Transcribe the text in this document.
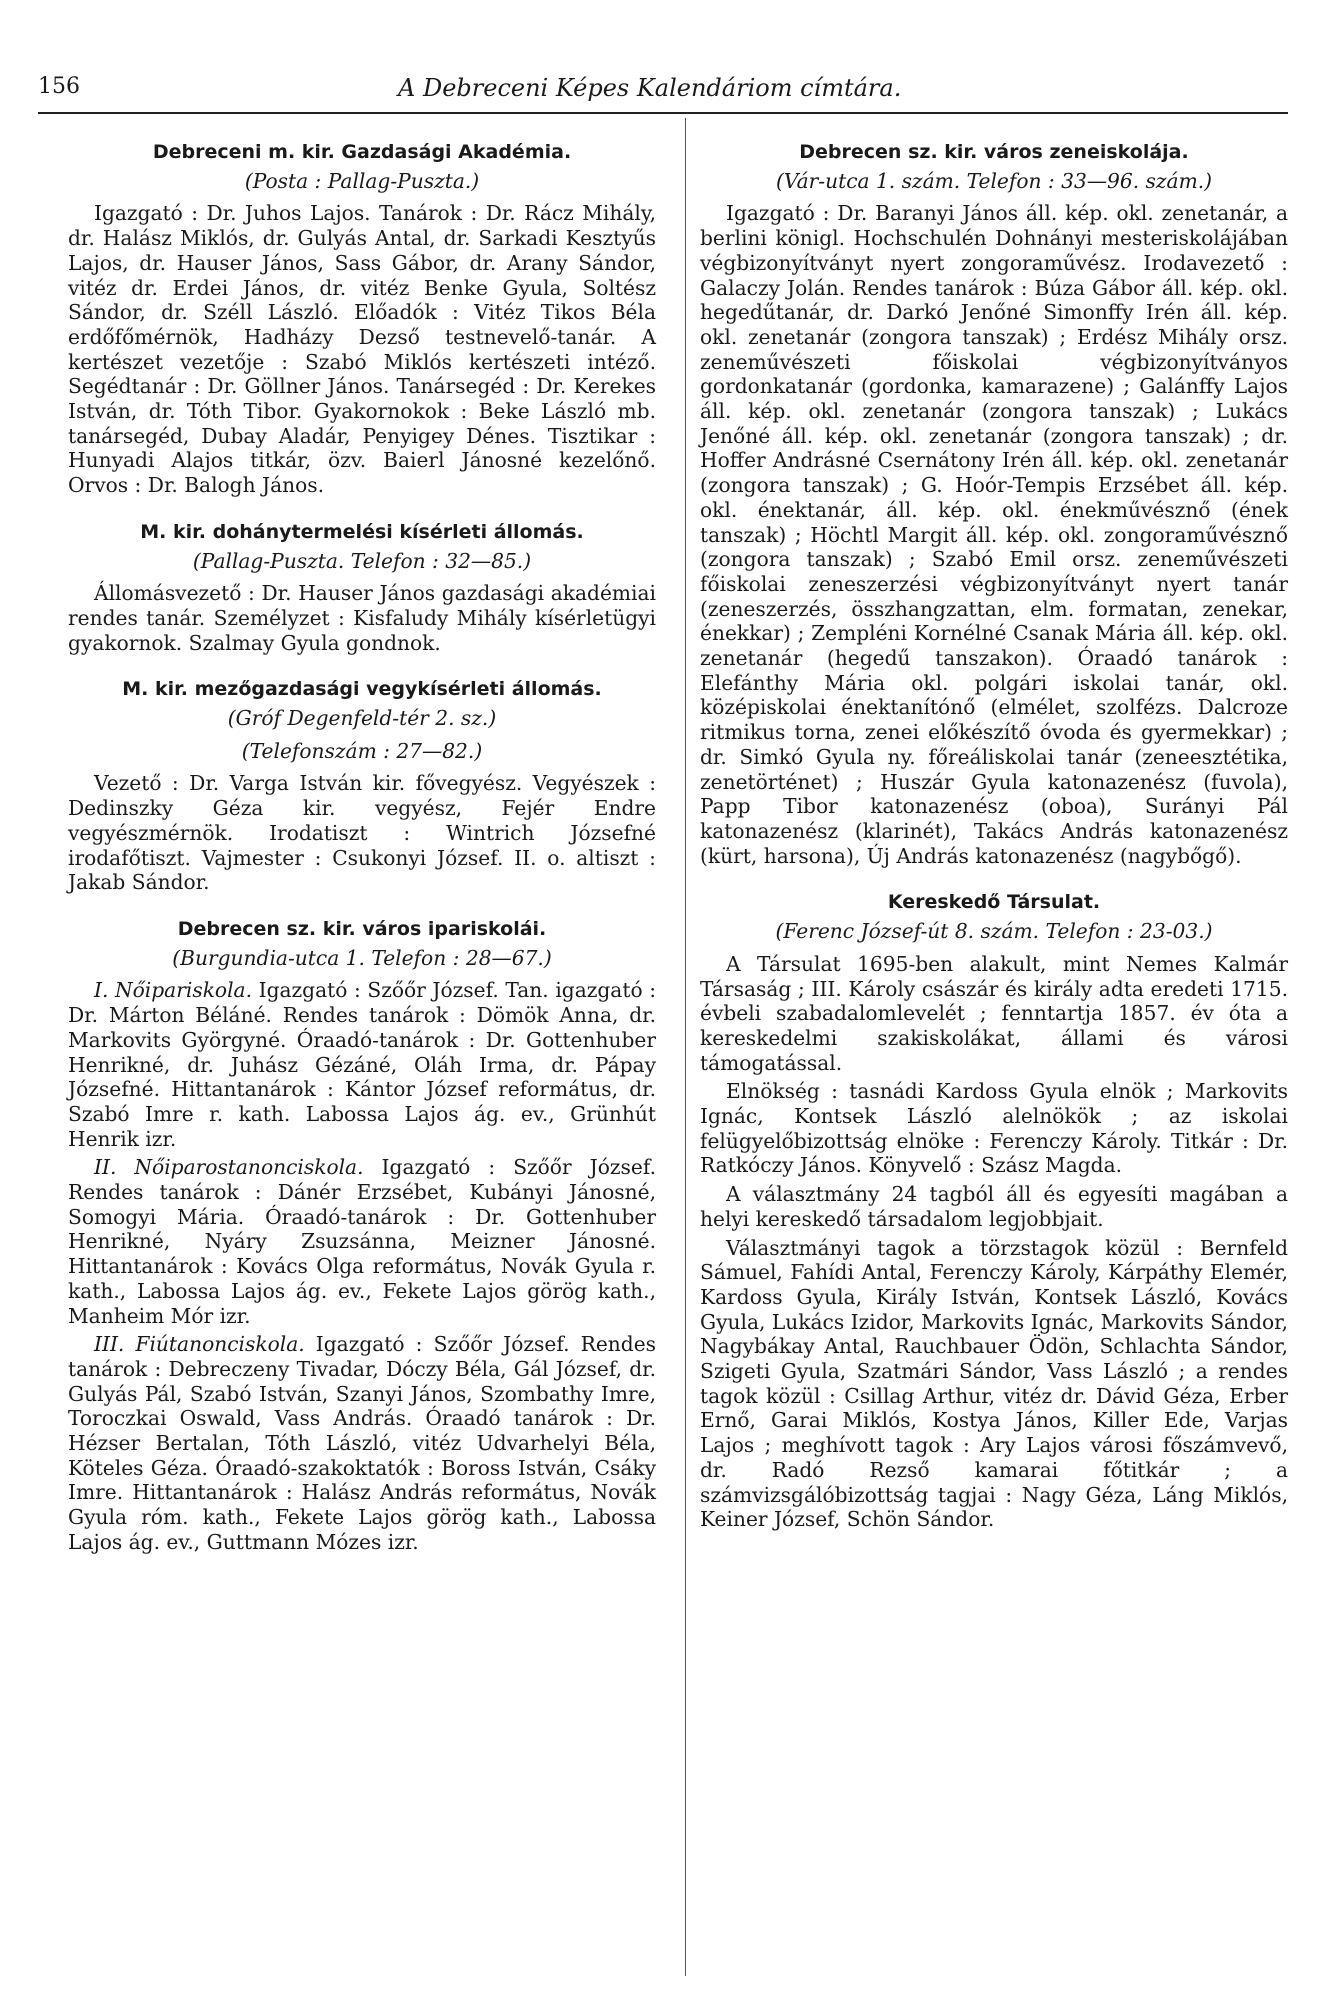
156	A Debreceni Képes Kalendáriom címtára.
Debreceni m. kir. Gazdasági Akadémia.
(Posta : Pallag-Puszta.)

Igazgató : Dr. Juhos Lajos. Tanárok : Dr. Rácz Mihály, dr. Halász Miklós, dr. Gulyás Antal, dr. Sarkadi Kesztyűs Lajos, dr. Hauser János, Sass Gábor, dr. Arany Sándor, vitéz dr. Erdei János, dr. vitéz Benke Gyula, Soltész Sándor, dr. Széll László. Előadók : Vitéz Tikos Béla erdőfőmérnök, Hadházy Dezső testnevelő-tanár. A kertészet vezetője : Szabó Miklós kertészeti intéző. Segédtanár : Dr. Göllner János. Tanársegéd : Dr. Kerekes István, dr. Tóth Tibor. Gyakornokok : Beke László mb. tanársegéd, Dubay Aladár, Penyigey Dénes. Tisztikar : Hunyadi Alajos titkár, özv. Baierl Jánosné kezelőnő. Orvos : Dr. Balogh János.

M. kir. dohánytermelési kísérleti állomás.
(Pallag-Puszta. Telefon : 32—85.)

Állomásvezető : Dr. Hauser János gazdasági akadémiai rendes tanár. Személyzet : Kisfaludy Mihály kísérletügyi gyakornok. Szalmay Gyula gondnok.

M. kir. mezőgazdasági vegykísérleti állomás.
(Gróf Degenfeld-tér 2. sz.)
(Telefonszám : 27—82.)

Vezető : Dr. Varga István kir. fővegyész. Vegyészek : Dedinszky Géza kir. vegyész, Fejér Endre vegyészmérnök. Irodatiszt : Wintrich Józsefné irodafőtiszt. Vajmester : Csukonyi József. II. o. altiszt : Jakab Sándor.

Debrecen sz. kir. város ipariskolái.
(Burgundia-utca 1. Telefon : 28—67.)

I. Nőipariskola. Igazgató : Szőőr József. Tan. igazgató : Dr. Márton Béláné. Rendes tanárok : Dömök Anna, dr. Markovits Györgyné. Óraadó-tanárok : Dr. Gottenhuber Henrikné, dr. Juhász Gézáné, Oláh Irma, dr. Pápay Józsefné. Hittantanárok : Kántor József református, dr. Szabó Imre r. kath. Labossa Lajos ág. ev., Grünhút Henrik izr.

II. Nőiparostanonciskola. Igazgató : Szőőr József. Rendes tanárok : Dánér Erzsébet, Kubányi Jánosné, Somogyi Mária. Óraadó-tanárok : Dr. Gottenhuber Henrikné, Nyáry Zsuzsánna, Meizner Jánosné. Hittantanárok : Kovács Olga református, Novák Gyula r. kath., Labossa Lajos ág. ev., Fekete Lajos görög kath., Manheim Mór izr.

III. Fiútanonciskola. Igazgató : Szőőr József. Rendes tanárok : Debreczeny Tivadar, Dóczy Béla, Gál József, dr. Gulyás Pál, Szabó István, Szanyi János, Szombathy Imre, Toroczkai Oswald, Vass András. Óraadó tanárok : Dr. Hézser Bertalan, Tóth László, vitéz Udvarhelyi Béla, Köteles Géza. Óraadó-szakoktatók : Boross István, Csáky Imre. Hittantanárok : Halász András református, Novák Gyula róm. kath., Fekete Lajos görög kath., Labossa Lajos ág. ev., Guttmann Mózes izr.

Debrecen sz. kir. város zeneiskolája.
(Vár-utca 1. szám. Telefon : 33—96. szám.)

Igazgató : Dr. Baranyi János áll. kép. okl. zenetanár, a berlini königl. Hochschulén Dohnányi mesteriskolájában végbizonyítványt nyert zongoraművész. Irodavezető : Galaczy Jolán. Rendes tanárok : Búza Gábor áll. kép. okl. hegedűtanár, dr. Darkó Jenőné Simonffy Irén áll. kép. okl. zenetanár (zongora tanszak) ; Erdész Mihály orsz. zeneművészeti főiskolai végbizonyítványos gordonkatanár (gordonka, kamarazene) ; Galánffy Lajos áll. kép. okl. zenetanár (zongora tanszak) ; Lukács Jenőné áll. kép. okl. zenetanár (zongora tanszak) ; dr. Hoffer Andrásné Csernátony Irén áll. kép. okl. zenetanár (zongora tanszak) ; G. Hoór-Tempis Erzsébet áll. kép. okl. énektanár, áll. kép. okl. énekművésznő (ének tanszak) ; Höchtl Margit áll. kép. okl. zongoraművésznő (zongora tanszak) ; Szabó Emil orsz. zeneművészeti főiskolai zeneszerzési végbizonyítványt nyert tanár (zeneszerzés, összhangzattan, elm. formatan, zenekar, énekkar) ; Zempléni Kornélné Csanak Mária áll. kép. okl. zenetanár (hegedű tanszakon). Óraadó tanárok : Elefánthy Mária okl. polgári iskolai tanár, okl. középiskolai énektanítónő (elmélet, szolfézs. Dalcroze ritmikus torna, zenei előkészítő óvoda és gyermekkar) ; dr. Simkó Gyula ny. főreáliskolai tanár (zeneesztétika, zenetörténet) ; Huszár Gyula katonazenész (fuvola), Papp Tibor katonazenész (oboa), Surányi Pál katonazenész (klarinét), Takács András katonazenész (kürt, harsona), Új András katonazenész (nagybőgő).

Kereskedő Társulat.
(Ferenc József-út 8. szám. Telefon : 23-03.)

A Társulat 1695-ben alakult, mint Nemes Kalmár Társaság ; III. Károly császár és király adta eredeti 1715. évbeli szabadalomlevelét ; fenntartja 1857. év óta a kereskedelmi szakiskolákat, állami és városi támogatással.

Elnökség : tasnádi Kardoss Gyula elnök ; Markovits Ignác, Kontsek László alelnökök ; az iskolai felügyelőbizottság elnöke : Ferenczy Károly. Titkár : Dr. Ratkóczy János. Könyvelő : Szász Magda.

A választmány 24 tagból áll és egyesíti magában a helyi kereskedő társadalom legjobbjait.

Választmányi tagok a törzstagok közül : Bernfeld Sámuel, Fahídi Antal, Ferenczy Károly, Kárpáthy Elemér, Kardoss Gyula, Király István, Kontsek László, Kovács Gyula, Lukács Izidor, Markovits Ignác, Markovits Sándor, Nagybákay Antal, Rauchbauer Ödön, Schlachta Sándor, Szigeti Gyula, Szatmári Sándor, Vass László ; a rendes tagok közül : Csillag Arthur, vitéz dr. Dávid Géza, Erber Ernő, Garai Miklós, Kostya János, Killer Ede, Varjas Lajos ; meghívott tagok : Ary Lajos városi főszámvevő, dr. Radó Rezső kamarai főtitkár ; a számvizsgálóbizottság tagjai : Nagy Géza, Láng Miklós, Keiner József, Schön Sándor.
